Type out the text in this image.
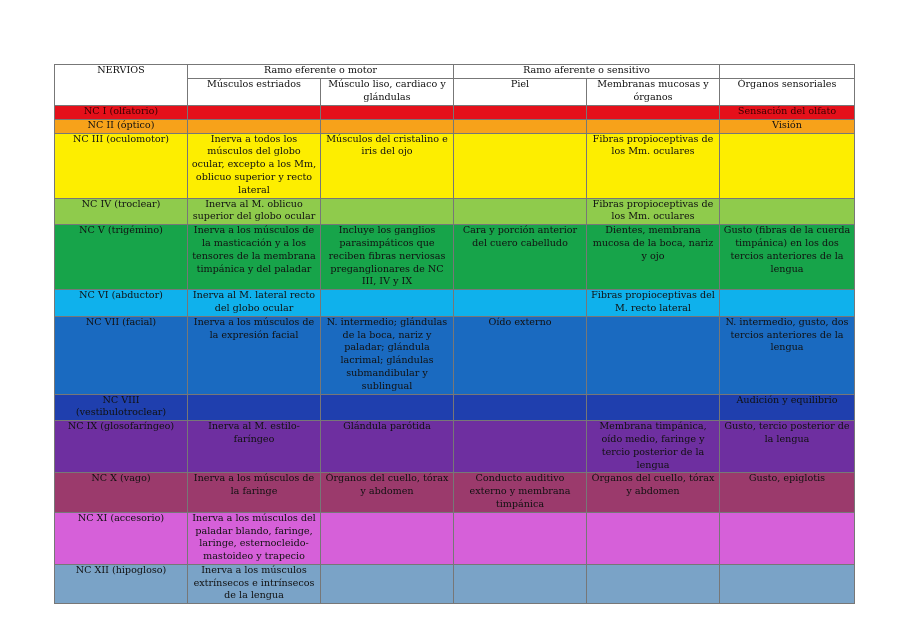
NERVIOS	Ramo eferente o motor		Ramo aferente o sensitivo		
	Músculos estriados	Músculo liso, cardiaco y glándulas	Piel	Membranas mucosas y órganos	Órganos sensoriales
NC I (olfatorio)					Sensación del olfato
NC II (óptico)					Visión
NC III (oculomotor)	Inerva a todos los músculos del globo ocular, excepto a los Mm, oblicuo superior y recto lateral	Músculos del cristalino e iris del ojo		Fibras propioceptivas de los Mm. oculares	
NC IV (troclear)	Inerva al M. oblicuo superior del globo ocular			Fibras propioceptivas de los Mm. oculares	
NC V (trigémino)	Inerva a los músculos de la masticación y a los tensores de la membrana timpánica y del paladar	Incluye los ganglios parasimpáticos que reciben fibras nerviosas preganglionares de NC III, IV y IX	Cara y porción anterior del cuero cabelludo	Dientes, membrana mucosa de la boca, nariz y ojo	Gusto (fibras de la cuerda timpánica) en los dos tercios anteriores de la lengua
NC VI (abductor)	Inerva al M. lateral recto del globo ocular			Fibras propioceptivas del M. recto lateral	
NC VII (facial)	Inerva a los músculos de la expresión facial	N. intermedio; glándulas de la boca, nariz y paladar; glándula lacrimal; glándulas submandibular y sublingual	Oído externo		N. intermedio, gusto, dos tercios anteriores de la lengua
NC VIII (vestibulotroclear)					Audición y equilibrio
NC IX (glosofaríngeo)	Inerva al M. estilo-faríngeo	Glándula parótida		Membrana timpánica, oído medio, faringe y tercio posterior de la lengua	Gusto, tercio posterior de la lengua
NC X (vago)	Inerva a los músculos de la faringe	Órganos del cuello, tórax y abdomen	Conducto auditivo externo y membrana timpánica	Órganos del cuello, tórax y abdomen	Gusto, epiglotis
NC XI (accesorio)	Inerva a los músculos del paladar blando, faringe, laringe, esternocleido-mastoideo y trapecio				
NC XII (hipogloso)	Inerva a los músculos extrínsecos e intrínsecos de la lengua				
